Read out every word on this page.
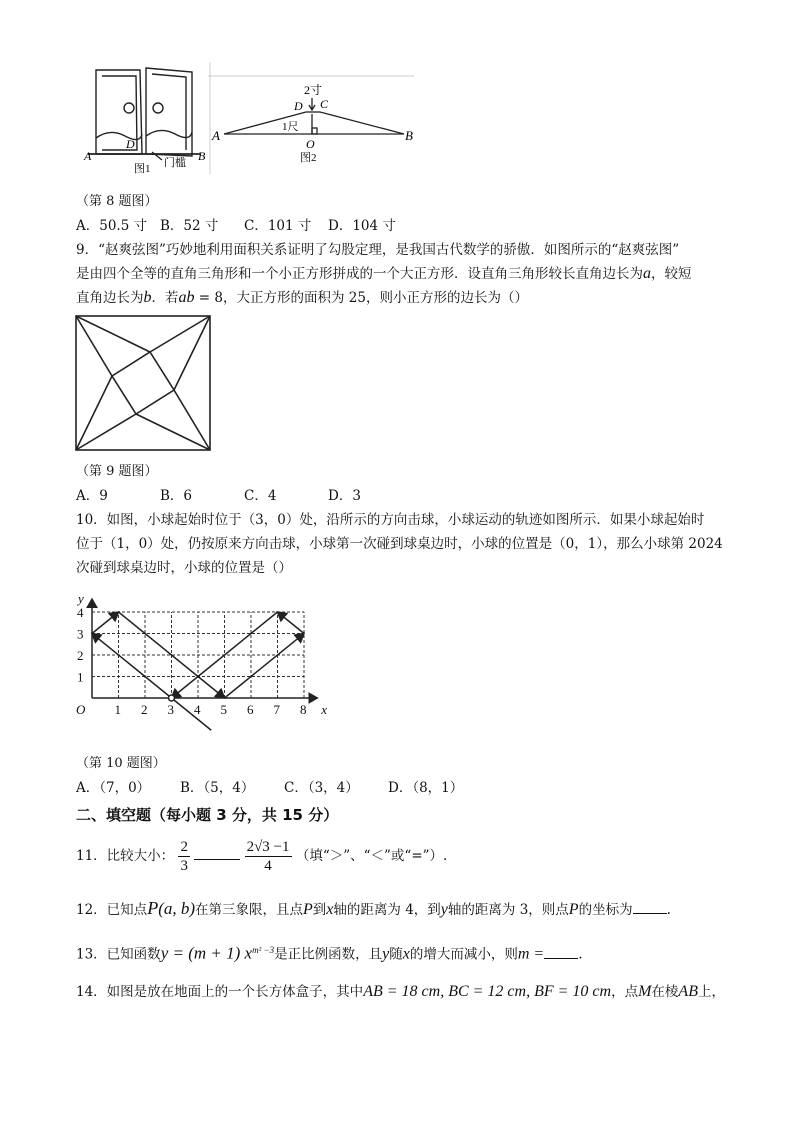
A
D
B
门槛
图1
2寸
D C
A	B
O
1尺
图2
（第 8 题图）
A．50.5 寸 B．52 寸 C．101 寸 D．104 寸
9．“赵爽弦图”巧妙地利用面积关系证明了勾股定理，是我国古代数学的骄傲．如图所示的“赵爽弦图”
是由四个全等的直角三角形和一个小正方形拼成的一个大正方形．设直角三角形较长直角边长为a，较短
直角边长为b．若ab = 8，大正方形的面积为 25，则小正方形的边长为（）
（第 9 题图）
A．9	B．6	C．4	D．3
10．如图，小球起始时位于（3，0）处，沿所示的方向击球，小球运动的轨迹如图所示．如果小球起始时
位于（1，0）处，仍按原来方向击球，小球第一次碰到球桌边时，小球的位置是（0，1），那么小球第 2024
次碰到球桌边时，小球的位置是（）
1 2 3 4 5 6 7 8
1
2
3
4
O	x
y
（第 10 题图）
A．（7，0） B．（5，4） C．（3，4） D．（8，1）
二、填空题（每小题 3 分，共 15 分）
11．比较大小： $\frac{2}{3}$
	$\frac{2√3 -1}{4}$ （填“＞”、“＜”或“=”）.
12．已知点P(a, b)在第三象限，且点P到x轴的距离为 4，到y轴的距离为 3，则点P的坐标为	.
13．已知函数y = (m + 1) $x^{m^2 -3}$是正比例函数，且y随x的增大而减小，则m =	.
14．如图是放在地面上的一个长方体盒子，其中AB = 18 cm, BC = 12 cm, BF = 10 cm，点M在棱AB上，
